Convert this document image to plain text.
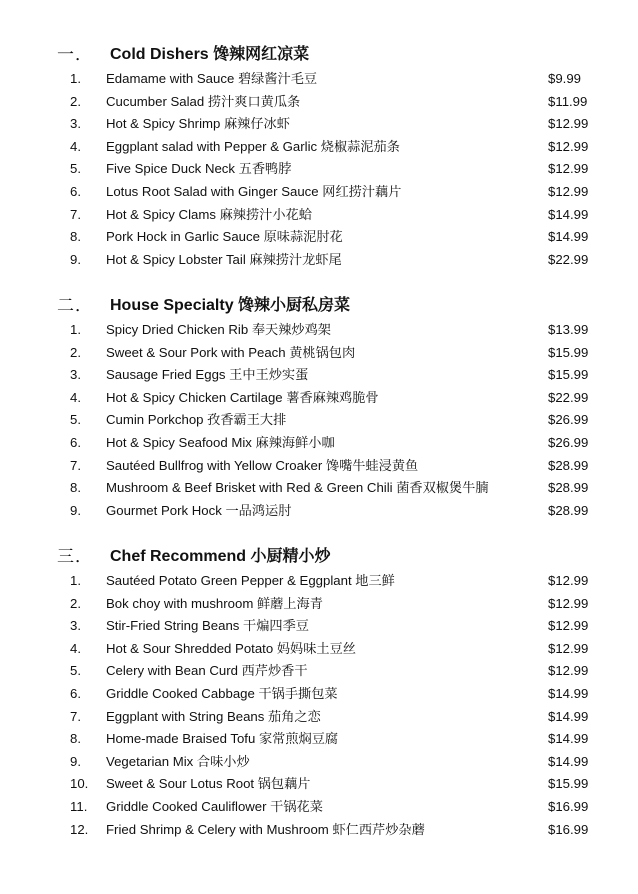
一． Cold Dishers 馋辣网红凉菜
1.	Edamame with Sauce 碧绿酱汁毛豆	$9.99
2.	Cucumber Salad 捞汁爽口黄瓜条	$11.99
3.	Hot & Spicy Shrimp 麻辣仔冰虾	$12.99
4.	Eggplant salad with Pepper & Garlic 烧椒蒜泥茄条	$12.99
5.	Five Spice Duck Neck 五香鸭脖	$12.99
6.	Lotus Root Salad with Ginger Sauce 网红捞汁藕片	$12.99
7.	Hot & Spicy Clams 麻辣捞汁小花蛤	$14.99
8.	Pork Hock in Garlic Sauce 原味蒜泥肘花	$14.99
9.	Hot & Spicy Lobster Tail 麻辣捞汁龙虾尾	$22.99
二． House Specialty 馋辣小厨私房菜
1.	Spicy Dried Chicken Rib 奉天辣炒鸡架	$13.99
2.	Sweet & Sour Pork with Peach 黄桃锅包肉	$15.99
3.	Sausage Fried Eggs 王中王炒实蛋	$15.99
4.	Hot & Spicy Chicken Cartilage 薯香麻辣鸡脆骨	$22.99
5.	Cumin Porkchop 孜香霸王大排	$26.99
6.	Hot & Spicy Seafood Mix 麻辣海鲜小咖	$26.99
7.	Sautéed Bullfrog with Yellow Croaker 馋嘴牛蛙浸黄鱼	$28.99
8.	Mushroom & Beef Brisket with Red & Green Chili 菌香双椒煲牛腩	$28.99
9.	Gourmet Pork Hock 一品鸿运肘	$28.99
三． Chef Recommend 小厨精小炒
1.	Sautéed Potato Green Pepper & Eggplant 地三鲜	$12.99
2.	Bok choy with mushroom 鲜蘑上海青	$12.99
3.	Stir-Fried String Beans 干煸四季豆	$12.99
4.	Hot & Sour Shredded Potato 妈妈味土豆丝	$12.99
5.	Celery with Bean Curd 西芹炒香干	$12.99
6.	Griddle Cooked Cabbage 干锅手撕包菜	$14.99
7.	Eggplant with String Beans 茄角之恋	$14.99
8.	Home-made Braised Tofu 家常煎焖豆腐	$14.99
9.	Vegetarian Mix 合味小炒	$14.99
10.	Sweet & Sour Lotus Root 锅包藕片	$15.99
11.	Griddle Cooked Cauliflower 干锅花菜	$16.99
12.	Fried Shrimp & Celery with Mushroom 虾仁西芹炒杂蘑	$16.99
